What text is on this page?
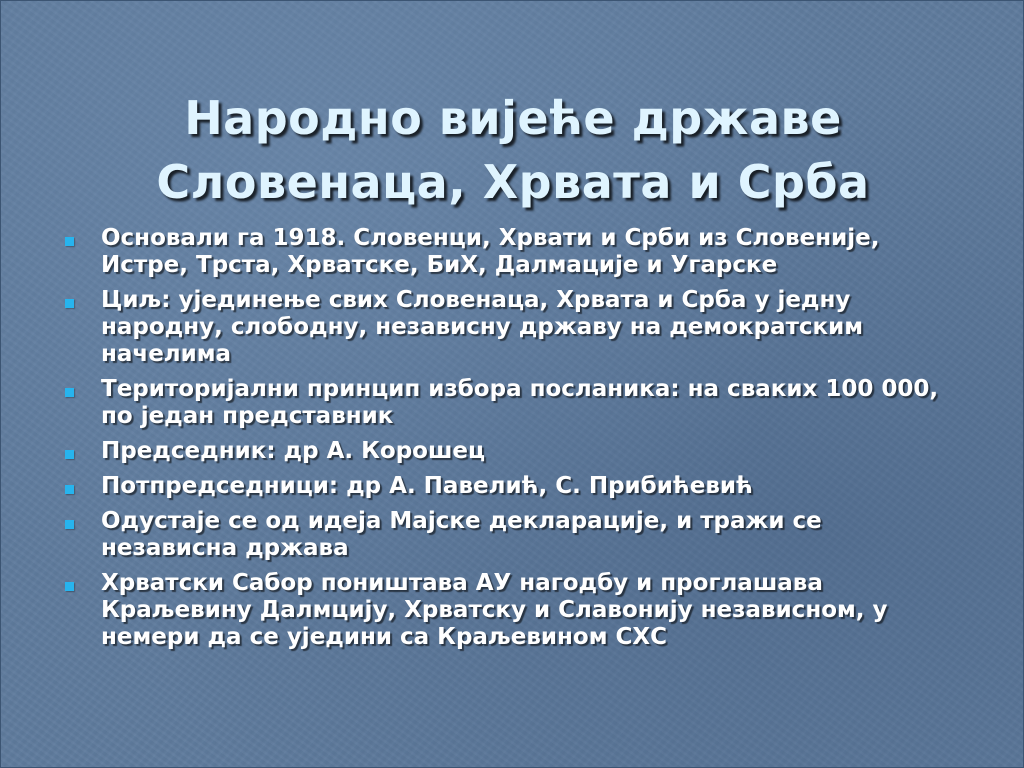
Народно вијеће државе
Словенаца, Хрвата и Срба
Основали га 1918. Словенци, Хрвати и Срби из Словеније, Истре, Трста, Хрватске, БиХ, Далмације и Угарске
Циљ: ујединење свих Словенаца, Хрвата и Срба у једну народну, слободну, независну државу на демократским начелима
Територијални принцип избора посланика: на сваких 100 000, по један представник
Председник: др А. Корошец
Потпредседници: др А. Павелић, С. Прибићевић
Одустаје се од идеја Мајске декларације, и тражи се независна држава
Хрватски Сабор поништава АУ нагодбу и проглашава Краљевину Далмцију, Хрватску и Славонију независном, у немери да се уједини са Краљевином СХС
